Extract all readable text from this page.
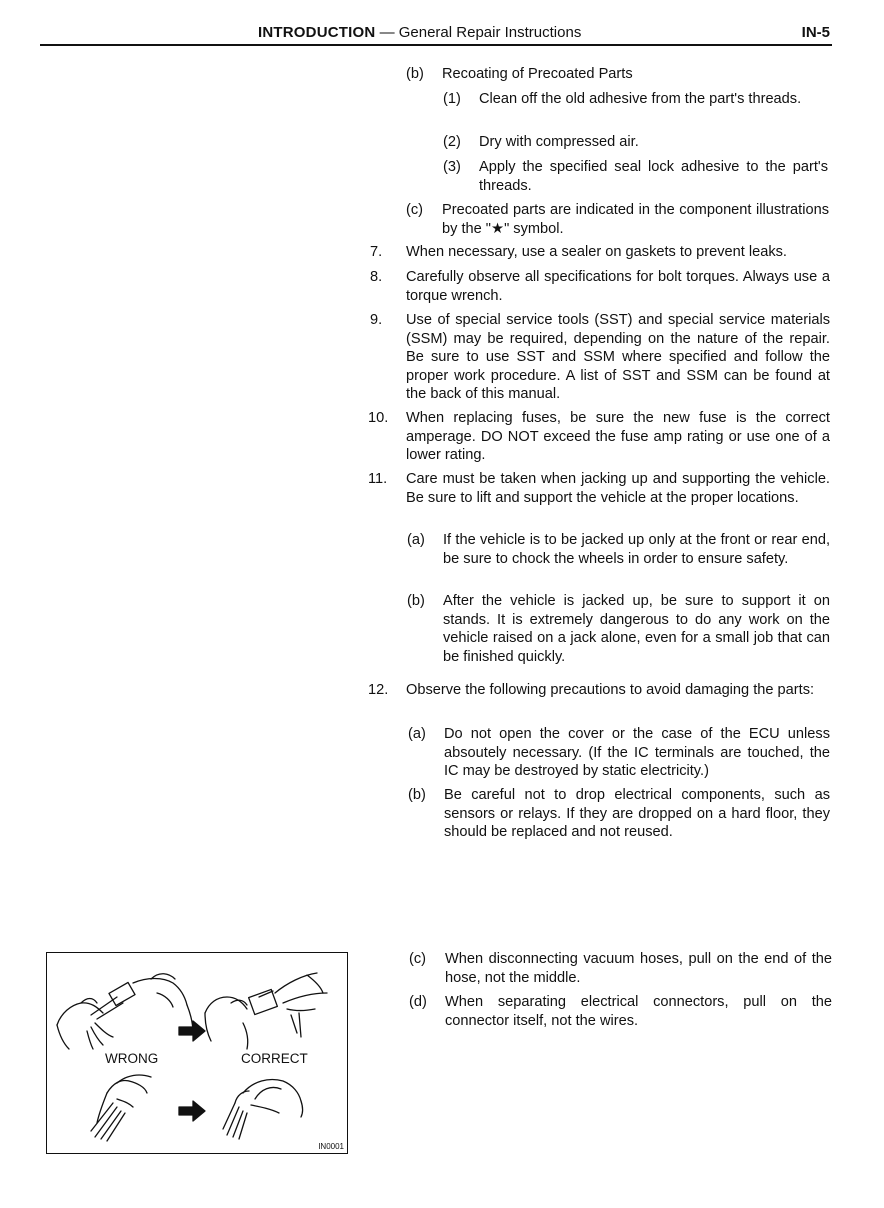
INTRODUCTION — General Repair Instructions	IN-5
(b) Recoating of Precoated Parts
(1) Clean off the old adhesive from the part's threads.
(2) Dry with compressed air.
(3) Apply the specified seal lock adhesive to the part's threads.
(c) Precoated parts are indicated in the component illustrations by the "★" symbol.
7. When necessary, use a sealer on gaskets to prevent leaks.
8. Carefully observe all specifications for bolt torques. Always use a torque wrench.
9. Use of special service tools (SST) and special service materials (SSM) may be required, depending on the nature of the repair. Be sure to use SST and SSM where specified and follow the proper work procedure. A list of SST and SSM can be found at the back of this manual.
10. When replacing fuses, be sure the new fuse is the correct amperage. DO NOT exceed the fuse amp rating or use one of a lower rating.
11. Care must be taken when jacking up and supporting the vehicle. Be sure to lift and support the vehicle at the proper locations.
(a) If the vehicle is to be jacked up only at the front or rear end, be sure to chock the wheels in order to ensure safety.
(b) After the vehicle is jacked up, be sure to support it on stands. It is extremely dangerous to do any work on the vehicle raised on a jack alone, even for a small job that can be finished quickly.
12. Observe the following precautions to avoid damaging the parts:
(a) Do not open the cover or the case of the ECU unless absoutely necessary. (If the IC terminals are touched, the IC may be destroyed by static electricity.)
(b) Be careful not to drop electrical components, such as sensors or relays. If they are dropped on a hard floor, they should be replaced and not reused.
(c) When disconnecting vacuum hoses, pull on the end of the hose, not the middle.
(d) When separating electrical connectors, pull on the connector itself, not the wires.
WRONG	CORRECT
IN0001
